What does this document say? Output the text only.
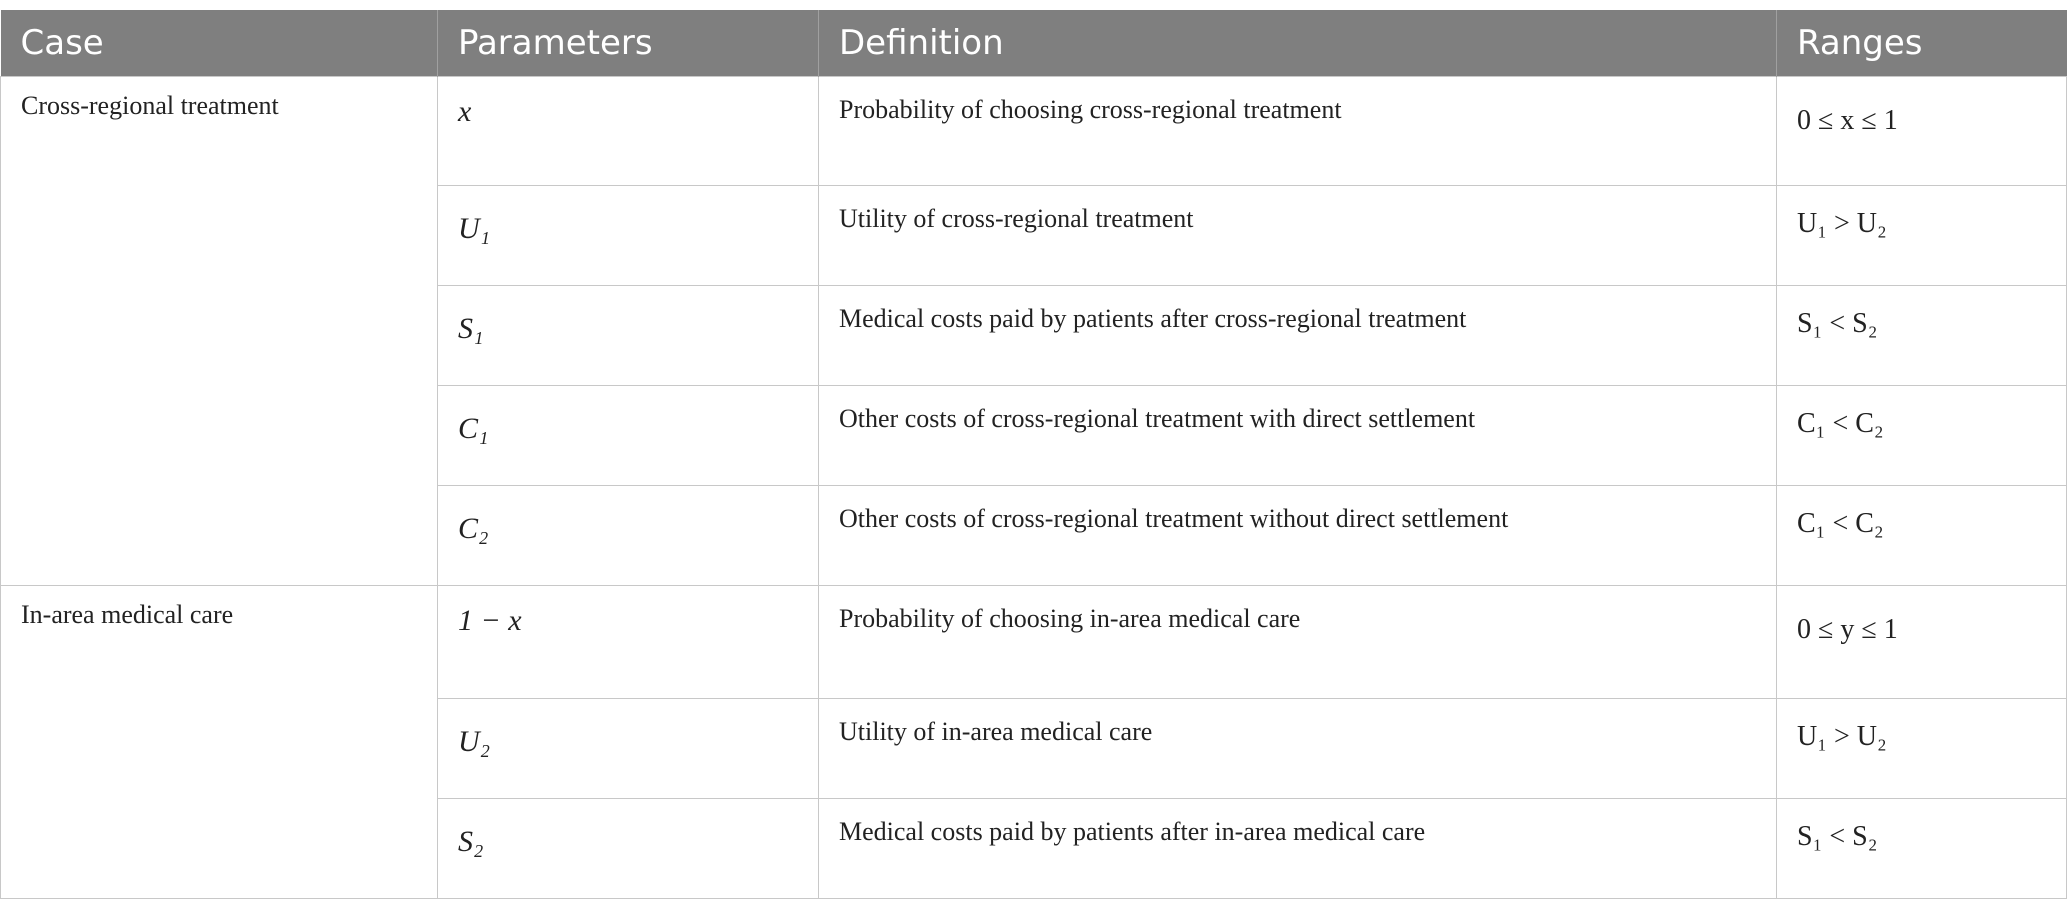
Case	Parameters	Definition	Ranges
Cross-regional treatment	x	Probability of choosing cross-regional treatment	0 ≤ x ≤ 1
	U₁	Utility of cross-regional treatment	U₁ > U₂
	S₁	Medical costs paid by patients after cross-regional treatment	S₁ < S₂
	C₁	Other costs of cross-regional treatment with direct settlement	C₁ < C₂
	C₂	Other costs of cross-regional treatment without direct settlement	C₁ < C₂
In-area medical care	1 − x	Probability of choosing in-area medical care	0 ≤ y ≤ 1
	U₂	Utility of in-area medical care	U₁ > U₂
	S₂	Medical costs paid by patients after in-area medical care	S₁ < S₂
